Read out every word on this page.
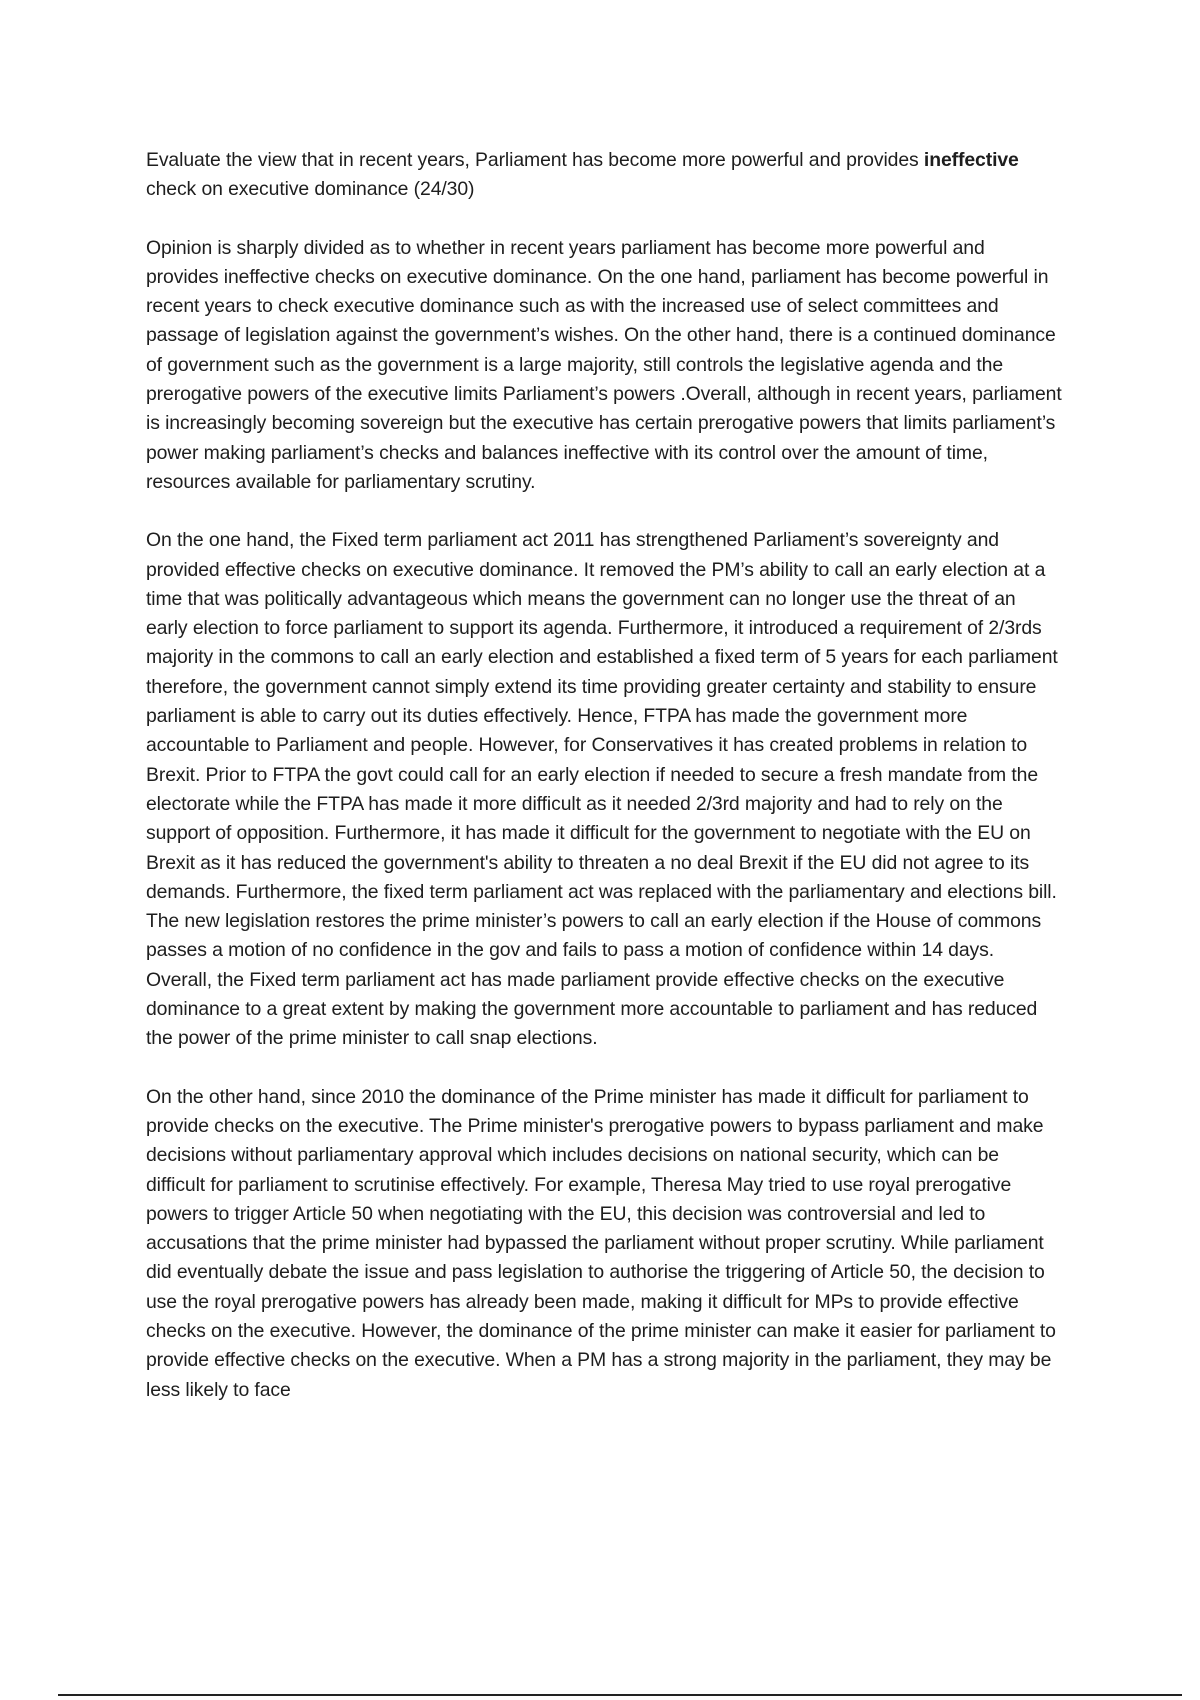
Evaluate the view that in recent years, Parliament has become more powerful and provides ineffective check on executive dominance (24/30)

Opinion is sharply divided as to whether in recent years parliament has become more powerful and provides ineffective checks on executive dominance. On the one hand, parliament has become powerful in recent years to check executive dominance such as with the increased use of select committees and passage of legislation against the government’s wishes. On the other hand, there is a continued dominance of government such as the government is a large majority, still controls the legislative agenda and the prerogative powers of the executive limits Parliament’s powers .Overall, although in recent years, parliament is increasingly becoming sovereign but the executive has certain prerogative powers that limits parliament’s power making parliament’s checks and balances ineffective with its control over the amount of time, resources available for parliamentary scrutiny.

On the one hand, the Fixed term parliament act 2011 has strengthened Parliament’s sovereignty and provided effective checks on executive dominance. It removed the PM’s ability to call an early election at a time that was politically advantageous which means the government can no longer use the threat of an early election to force parliament to support its agenda. Furthermore, it introduced a requirement of 2/3rds majority in the commons to call an early election and established a fixed term of 5 years for each parliament therefore, the government cannot simply extend its time providing greater certainty and stability to ensure parliament is able to carry out its duties effectively. Hence, FTPA has made the government more accountable to Parliament and people. However, for Conservatives it has created problems in relation to Brexit. Prior to FTPA the govt could call for an early election if needed to secure a fresh mandate from the electorate while the FTPA has made it more difficult as it needed 2/3rd majority and had to rely on the support of opposition. Furthermore, it has made it difficult for the government to negotiate with the EU on Brexit as it has reduced the government's ability to threaten a no deal Brexit if the EU did not agree to its demands. Furthermore, the fixed term parliament act was replaced with the parliamentary and elections bill. The new legislation restores the prime minister’s powers to call an early election if the House of commons passes a motion of no confidence in the gov and fails to pass a motion of confidence within 14 days. Overall, the Fixed term parliament act has made parliament provide effective checks on the executive dominance to a great extent by making the government more accountable to parliament and has reduced the power of the prime minister to call snap elections.

On the other hand, since 2010 the dominance of the Prime minister has made it difficult for parliament to provide checks on the executive. The Prime minister's prerogative powers to bypass parliament and make decisions without parliamentary approval which includes decisions on national security, which can be difficult for parliament to scrutinise effectively. For example, Theresa May tried to use royal prerogative powers to trigger Article 50 when negotiating with the EU, this decision was controversial and led to accusations that the prime minister had bypassed the parliament without proper scrutiny. While parliament did eventually debate the issue and pass legislation to authorise the triggering of Article 50, the decision to use the royal prerogative powers has already been made, making it difficult for MPs to provide effective checks on the executive. However, the dominance of the prime minister can make it easier for parliament to provide effective checks on the executive. When a PM has a strong majority in the parliament, they may be less likely to face
